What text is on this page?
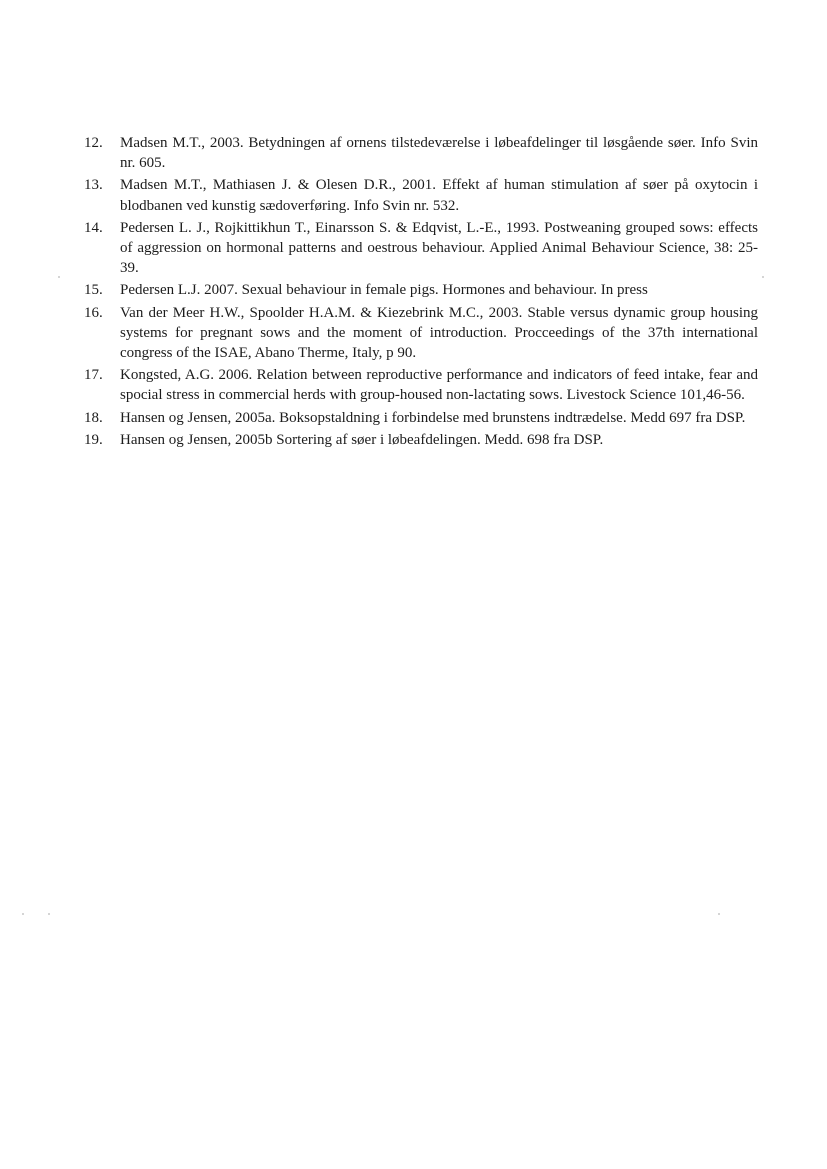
12.	Madsen M.T., 2003. Betydningen af ornens tilstedeværelse i løbeafdelinger til løsgående søer. Info Svin nr. 605.
13.	Madsen M.T., Mathiasen J. & Olesen D.R., 2001. Effekt af human stimulation af søer på oxytocin i blodbanen ved kunstig sædoverføring. Info Svin nr. 532.
14.	Pedersen L. J., Rojkittikhun T., Einarsson S. & Edqvist, L.-E., 1993. Postweaning grouped sows: effects of aggression on hormonal patterns and oestrous behaviour. Applied Animal Behaviour Science, 38: 25-39.
15.	Pedersen L.J. 2007. Sexual behaviour in female pigs. Hormones and behaviour. In press
16.	Van der Meer H.W., Spoolder H.A.M. & Kiezebrink M.C., 2003. Stable versus dynamic group housing systems for pregnant sows and the moment of introduction. Procceedings of the 37th international congress of the ISAE, Abano Therme, Italy, p 90.
17.	Kongsted, A.G. 2006. Relation between reproductive performance and indicators of feed intake, fear and spocial stress in commercial herds with group-housed non-lactating sows. Livestock Science 101,46-56.
18.	Hansen og Jensen, 2005a. Boksopstaldning i forbindelse med brunstens indtrædelse. Medd 697 fra DSP.
19.	Hansen og Jensen, 2005b Sortering af søer i løbeafdelingen. Medd. 698 fra DSP.
